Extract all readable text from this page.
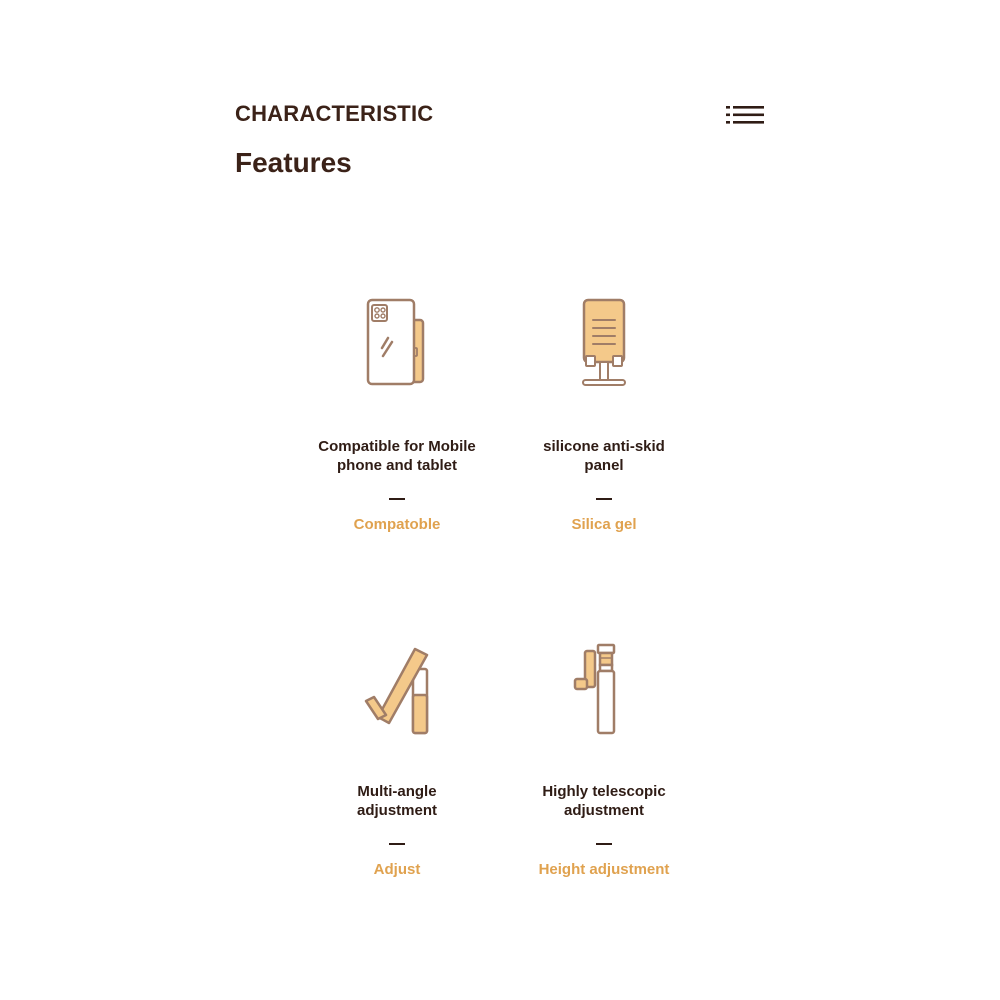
CHARACTERISTIC
Features
Compatible for Mobile
phone and tablet
Compatoble
silicone anti-skid
panel
Silica gel
Multi-angle
adjustment
Adjust
Highly telescopic
adjustment
Height adjustment
